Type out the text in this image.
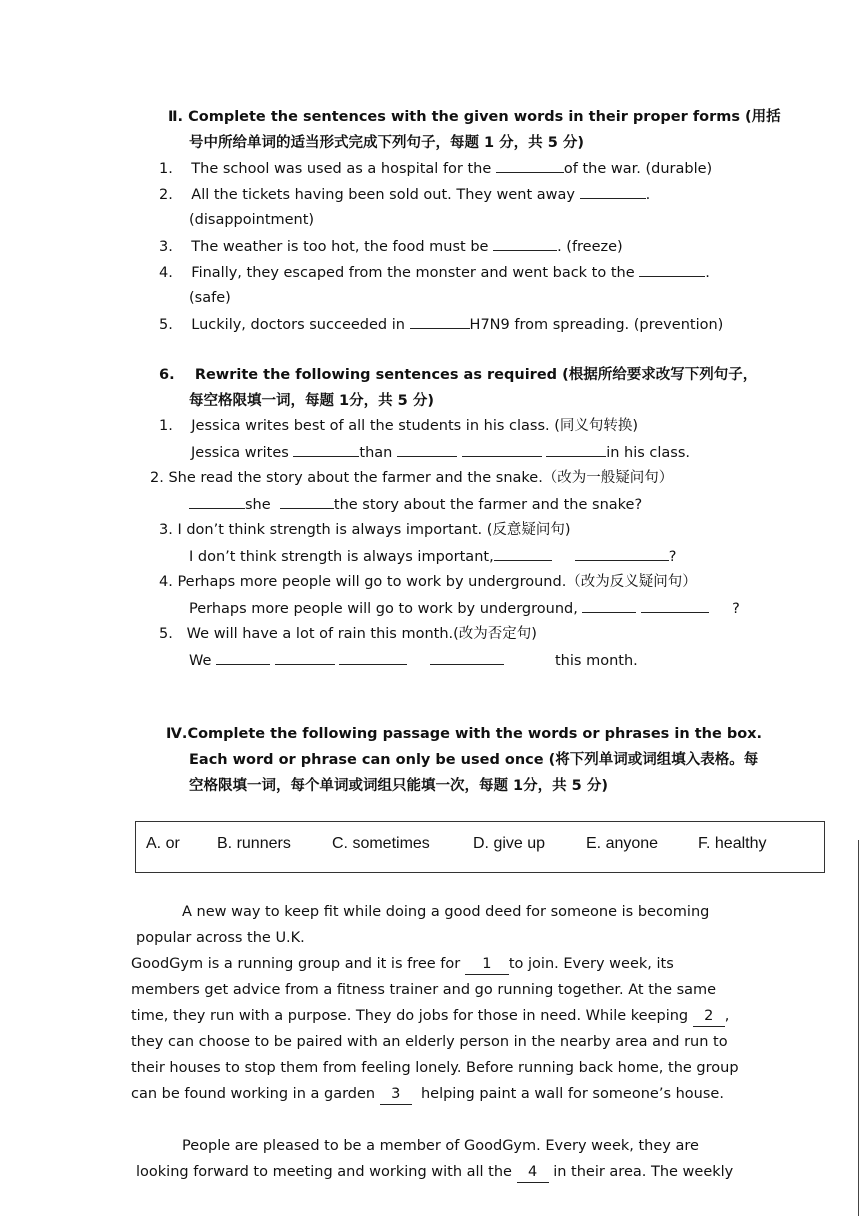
Ⅱ. Complete the sentences with the given words in their proper forms (用括
号中所给单词的适当形式完成下列句子，每题 1 分，共 5 分)
1. The school was used as a hospital for the	of the war. (durable)
2. All the tickets having been sold out. They went away	.
(disappointment)
3. The weather is too hot, the food must be	. (freeze)
4. Finally, they escaped from the monster and went back to the	.
(safe)
5. Luckily, doctors succeeded in	H7N9 from spreading. (prevention)
6. Rewrite the following sentences as required (根据所给要求改写下列句子，
每空格限填一词，每题 1分，共 5 分)
1. Jessica writes best of all the students in his class. (同义句转换)
Jessica writes	than	in his class.
2. She read the story about the farmer and the snake.（改为一般疑问句）
she	the story about the farmer and the snake?
3. I don’t think strength is always important. (反意疑问句)
I don’t think strength is always important,	?
4. Perhaps more people will go to work by underground.（改为反义疑问句）
Perhaps more people will go to work by underground,	?
5. We will have a lot of rain this month.(改为否定句)
We	this month.
Ⅳ.Complete the following passage with the words or phrases in the box.
Each word or phrase can only be used once (将下列单词或词组填入表格。每
空格限填一词，每个单词或词组只能填一次，每题 1分，共 5 分)
A. or B. runners	C. sometimes	D. give up	E. anyone F. healthy
A new way to keep fit while doing a good deed for someone is becoming
popular across the U.K.
GoodGym is a running group and it is free for 1 to join. Every week, its
members get advice from a fitness trainer and go running together. At the same
time, they run with a purpose. They do jobs for those in need. While keeping 2 ,
they can choose to be paired with an elderly person in the nearby area and run to
their houses to stop them from feeling lonely. Before running back home, the group
can be found working in a garden 3 helping paint a wall for someone’s house.
People are pleased to be a member of GoodGym. Every week, they are
looking forward to meeting and working with all the 4 in their area. The weekly
